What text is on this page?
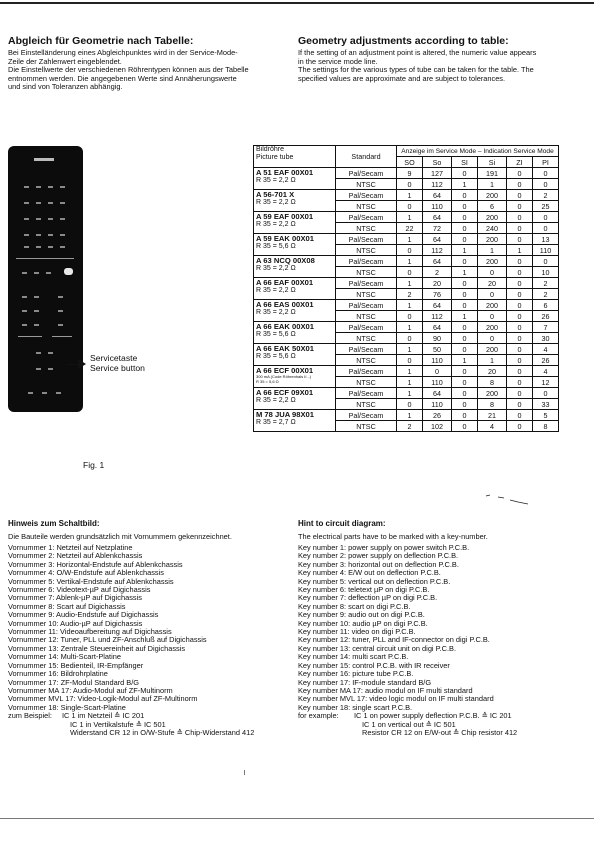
Abgleich für Geometrie nach Tabelle:
Bei Einstelländerung eines Abgleichpunktes wird in der Service-Mode-
Zeile der Zahlenwert eingeblendet.
Die Einstellwerte der verschiedenen Röhrentypen können aus der Tabelle
entnommen werden. Die angegebenen Werte sind Annäherungswerte
und sind von Toleranzen abhängig.
Geometry adjustments according to table:
If the setting of an adjustment point is altered, the numeric value appears
in the service mode line.
The settings for the various types of tube can be taken for the table. The
specified values are approximate and are subject to tolerances.
Servicetaste
Service button
Fig. 1
Bildröhre
Picture tube	Standard	Anzeige im Service Mode – Indication Service Mode					
		SO	So	SI	Si	ZI	PI

A 51 EAF 00X01
R 35 = 2,2 Ω	Pal/Secam	9	127	0	191	0	0
	NTSC	0	112	1	1	0	0

A 56-701 X
R 35 = 2,2 Ω	Pal/Secam	1	64	0	200	0	2
	NTSC	0	110	0	6	0	25

A 59 EAF 00X01
R 35 = 2,2 Ω	Pal/Secam	1	64	0	200	0	0
	NTSC	22	72	0	240	0	0

A 59 EAK 00X01
R 35 = 5,6 Ω	Pal/Secam	1	64	0	200	0	13
	NTSC	0	112	1	1	1	110

A 63 NCQ 00X08
R 35 = 2,2 Ω	Pal/Secam	1	64	0	200	0	0
	NTSC	0	2	1	0	0	10

A 66 EAF 00X01
R 35 = 2,2 Ω	Pal/Secam	1	20	0	20	0	2
	NTSC	2	76	0	0	0	2

A 66 EAS 00X01
R 35 = 2,2 Ω	Pal/Secam	1	64	0	200	0	6
	NTSC	0	112	1	0	0	26

A 66 EAK 00X01
R 35 = 5,6 Ω	Pal/Secam	1	64	0	200	0	7
	NTSC	0	90	0	0	0	30

A 66 EAK 50X01
R 35 = 5,6 Ω	Pal/Secam	1	50	0	200	0	4
	NTSC	0	110	1	1	0	26

A 66 ECF 00X01
300 mA (Code Röhrenhals II...)
R 35 = 5,6 Ω	Pal/Secam	1	0	0	20	0	4
	NTSC	1	110	0	8	0	12

A 66 ECF 09X01
R 35 = 2,2 Ω	Pal/Secam	1	64	0	200	0	0
	NTSC	0	110	0	8	0	33

M 78 JUA 98X01
R 35 = 2,7 Ω	Pal/Secam	1	26	0	21	0	5
	NTSC	2	102	0	4	0	8
Hinweis zum Schaltbild:
Die Bauteile werden grundsätzlich mit Vornummern gekennzeichnet.
Vornummer 1: Netzteil auf Netzplatine
Vornummer 2: Netzteil auf Ablenkchassis
Vornummer 3: Horizontal-Endstufe auf Ablenkchassis
Vornummer 4: O/W-Endstufe auf Ablenkchassis
Vornummer 5: Vertikal-Endstufe auf Ablenkchassis
Vornummer 6: Videotext-µP auf Digichassis
Vornummer 7: Ablenk-µP auf Digichassis
Vornummer 8: Scart auf Digichassis
Vornummer 9: Audio-Endstufe auf Digichassis
Vornummer 10: Audio-µP auf Digichassis
Vornummer 11: Videoaufbereitung auf Digichassis
Vornummer 12: Tuner, PLL und ZF-Anschluß auf Digichassis
Vornummer 13: Zentrale Steuereinheit auf Digichassis
Vornummer 14: Multi-Scart-Platine
Vornummer 15: Bedienteil, IR-Empfänger
Vornummer 16: Bildrohrplatine
Vornummer 17: ZF-Modul Standard B/G
Vornummer MA 17: Audio-Modul auf ZF-Multinorm
Vornummer MVL 17: Video-Logik-Modul auf ZF-Multinorm
Vornummer 18: Single-Scart-Platine
zum Beispiel: IC 1 im Netzteil ≙ IC 201
IC 1 in Vertikalstufe ≙ IC 501
Widerstand CR 12 in O/W-Stufe ≙ Chip-Widerstand 412
Hint to circuit diagram:
The electrical parts have to be marked with a key-number.
Key number 1: power supply on power switch P.C.B.
Key number 2: power supply on deflection P.C.B.
Key number 3: horizontal out on deflection P.C.B.
Key number 4: E/W out on deflection P.C.B.
Key number 5: vertical out on deflection P.C.B.
Key number 6: teletext µP on digi P.C.B.
Key number 7: deflection µP on digi P.C.B.
Key number 8: scart on digi P.C.B.
Key number 9: audio out on digi P.C.B.
Key number 10: audio µP on digi P.C.B.
Key number 11: video on digi P.C.B.
Key number 12: tuner, PLL and IF-connector on digi P.C.B.
Key number 13: central circuit unit on digi P.C.B.
Key number 14: multi scart P.C.B.
Key number 15: control P.C.B. with IR receiver
Key number 16: picture tube P.C.B.
Key number 17: IF-module standard B/G
Key number MA 17: audio modul on IF multi standard
Key number MVL 17: video logic modul on IF multi standard
Key number 18: single scart P.C.B.
for example: IC 1 on power supply deflection P.C.B. ≙ IC 201
IC 1 on vertical out ≙ IC 501
Resistor CR 12 on E/W-out ≙ Chip resistor 412
